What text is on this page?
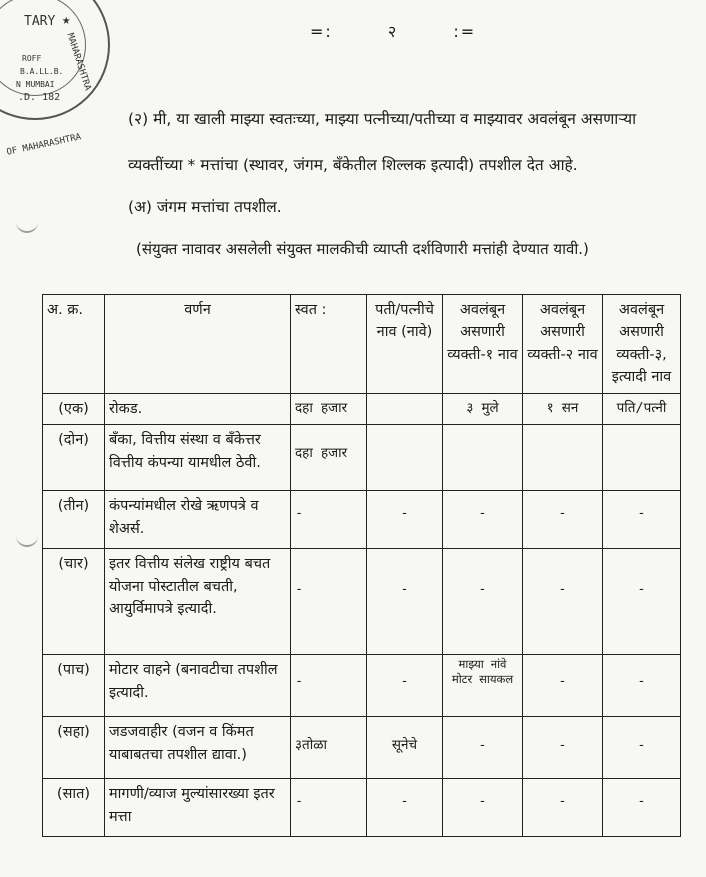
TARY
ROFF
B.A.LL.B.
N MUMBAI
.D. 182
MAHARASHTRA
OF MAHARASHTRA
★
=:	२	:=
(२) मी, या खाली माझ्या स्वतःच्या, माझ्या पत्नीच्या/पतीच्या व माझ्यावर अवलंबून असणाऱ्या
व्यक्तींच्या * मत्तांचा (स्थावर, जंगम, बँकेतील शिल्लक इत्यादी) तपशील देत आहे.
(अ) जंगम मत्तांचा तपशील.
(संयुक्त नावावर असलेली संयुक्त मालकीची व्याप्ती दर्शविणारी मत्तांही देण्यात यावी.)
अ. क्र.	वर्णन	स्वत :	पती/पत्नीचे नाव (नावे)	अवलंबून असणारी व्यक्ती-१ नाव	अवलंबून असणारी व्यक्ती-२ नाव	अवलंबून असणारी व्यक्ती-३, इत्यादी नाव
(एक)	रोकड.	दहा हजार		३ मुले	१ सन	पति/पत्नी
(दोन)	बँका, वित्तीय संस्था व बँकेत्तर वित्तीय कंपन्या यामधील ठेवी.	दहा हजार				
(तीन)	कंपन्यांमधील रोखे ऋणपत्रे व शेअर्स.	-	-	-	-	-
(चार)	इतर वित्तीय संलेख राष्ट्रीय बचत योजना पोस्टातील बचती, आयुर्विमापत्रे इत्यादी.	-	-	-	-	-
(पाच)	मोटार वाहने (बनावटीचा तपशील इत्यादी.	-	-	माझ्या नांवे मोटर सायकल	-	-
(सहा)	जडजवाहीर (वजन व किंमत याबाबतचा तपशील द्यावा.)	३तोळा	सूनेचे	-	-	-
(सात)	मागणी/व्याज मुल्यांसारख्या इतर मत्ता	-	-	-	-	-
